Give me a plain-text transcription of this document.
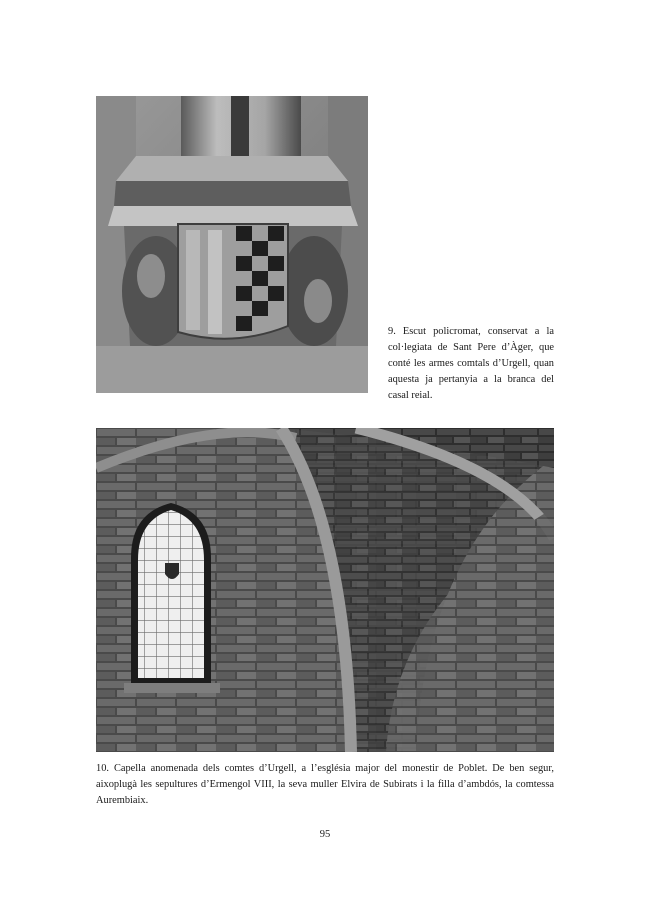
9. Escut policromat, conservat a la col·legiata de Sant Pere d’Àger, que conté les armes comtals d’Urgell, quan aquesta ja pertanyia a la branca del casal reial.
10. Capella anomenada dels comtes d’Urgell, a l’església major del monestir de Poblet. De ben segur, aixoplugà les sepultures d’Ermengol VIII, la seva muller Elvira de Subirats i la filla d’ambdós, la comtessa Aurembiaix.
95
